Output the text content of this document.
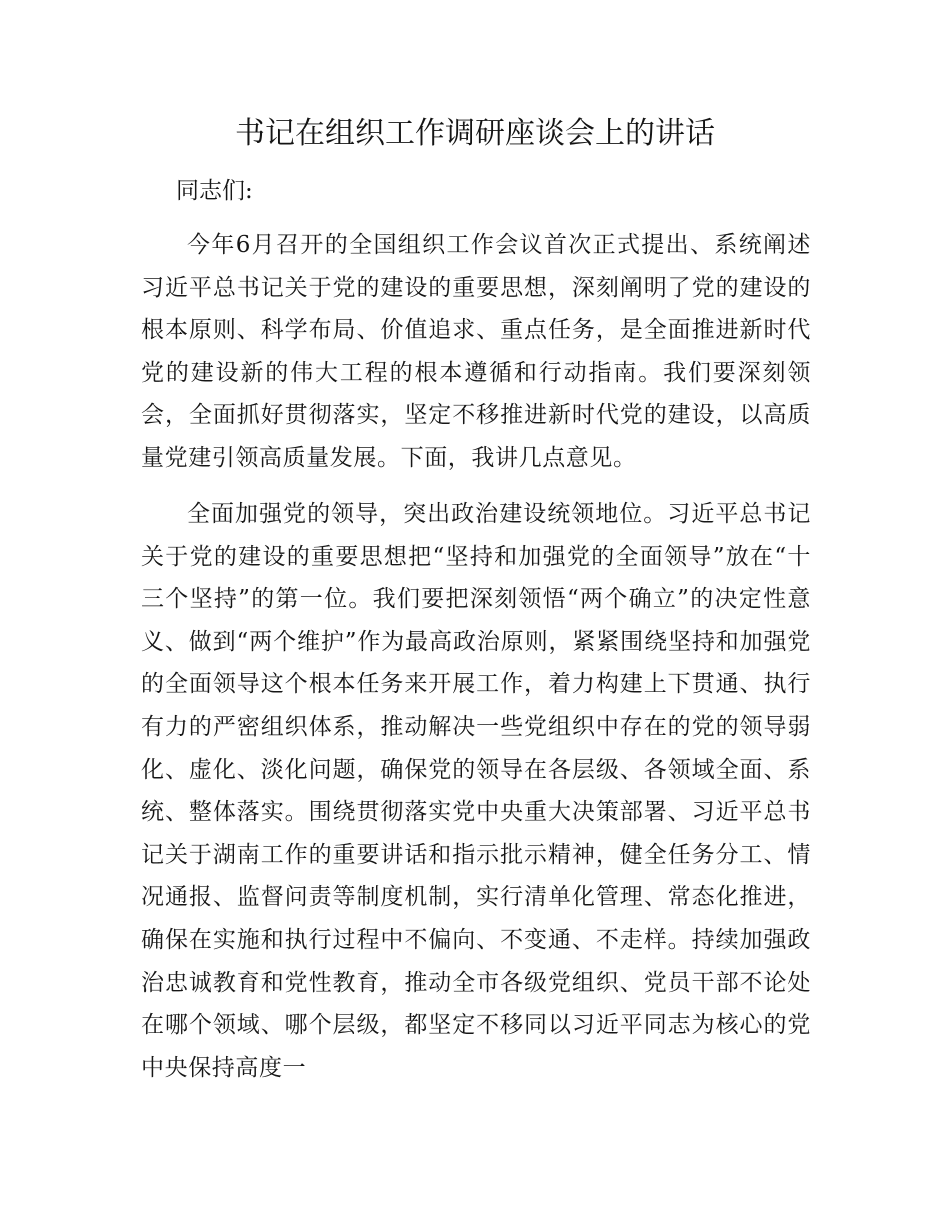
书记在组织工作调研座谈会上的讲话

同志们:

今年6月召开的全国组织工作会议首次正式提出、系统阐述习近平总书记关于党的建设的重要思想，深刻阐明了党的建设的根本原则、科学布局、价值追求、重点任务，是全面推进新时代党的建设新的伟大工程的根本遵循和行动指南。我们要深刻领会，全面抓好贯彻落实，坚定不移推进新时代党的建设，以高质量党建引领高质量发展。下面，我讲几点意见。

全面加强党的领导，突出政治建设统领地位。习近平总书记关于党的建设的重要思想把“坚持和加强党的全面领导”放在“十三个坚持”的第一位。我们要把深刻领悟“两个确立”的决定性意义、做到“两个维护”作为最高政治原则，紧紧围绕坚持和加强党的全面领导这个根本任务来开展工作，着力构建上下贯通、执行有力的严密组织体系，推动解决一些党组织中存在的党的领导弱化、虚化、淡化问题，确保党的领导在各层级、各领域全面、系统、整体落实。围绕贯彻落实党中央重大决策部署、习近平总书记关于湖南工作的重要讲话和指示批示精神，健全任务分工、情况通报、监督问责等制度机制，实行清单化管理、常态化推进，确保在实施和执行过程中不偏向、不变通、不走样。持续加强政治忠诚教育和党性教育，推动全市各级党组织、党员干部不论处在哪个领域、哪个层级，都坚定不移同以习近平同志为核心的党中央保持高度一
